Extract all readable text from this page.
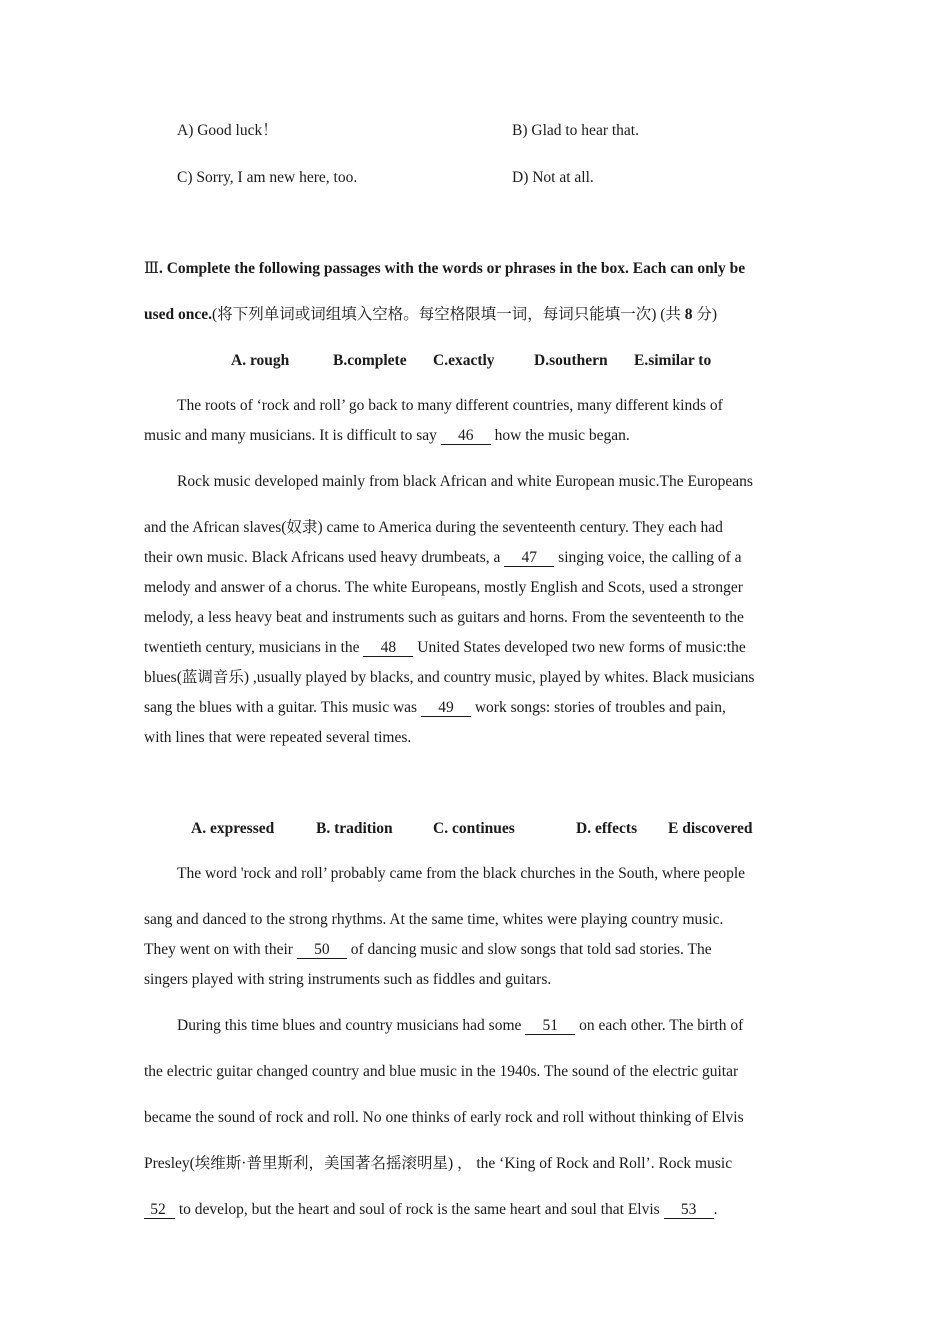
A) Good luck！	B) Glad to hear that.
C) Sorry, I am new here, too.	D) Not at all.
Ⅲ. Complete the following passages with the words or phrases in the box. Each can only be
used once.(将下列单词或词组填入空格。每空格限填一词，每词只能填一次) (共 8 分)
A. rough	B.complete C.exactly	D.southern E.similar to
The roots of ‘rock and roll’ go back to many different countries, many different kinds of
music and many musicians. It is difficult to say 46 how the music began.
Rock music developed mainly from black African and white European music.The Europeans
and the African slaves(奴隶) came to America during the seventeenth century. They each had
their own music. Black Africans used heavy drumbeats, a 47 singing voice, the calling of a
melody and answer of a chorus. The white Europeans, mostly English and Scots, used a stronger
melody, a less heavy beat and instruments such as guitars and horns. From the seventeenth to the
twentieth century, musicians in the 48 United States developed two new forms of music:the
blues(蓝调音乐) ,usually played by blacks, and country music, played by whites. Black musicians
sang the blues with a guitar. This music was 49 work songs: stories of troubles and pain,
with lines that were repeated several times.
A. expressed	B. tradition	C. continues	D. effects E discovered
The word 'rock and roll’ probably came from the black churches in the South, where people
sang and danced to the strong rhythms. At the same time, whites were playing country music.
They went on with their 50 of dancing music and slow songs that told sad stories. The
singers played with string instruments such as fiddles and guitars.
During this time blues and country musicians had some 51 on each other. The birth of
the electric guitar changed country and blue music in the 1940s. The sound of the electric guitar
became the sound of rock and roll. No one thinks of early rock and roll without thinking of Elvis
Presley(埃维斯·普里斯利，美国著名摇滚明星) ， the ‘King of Rock and Roll’. Rock music
52 to develop, but the heart and soul of rock is the same heart and soul that Elvis 53 .
